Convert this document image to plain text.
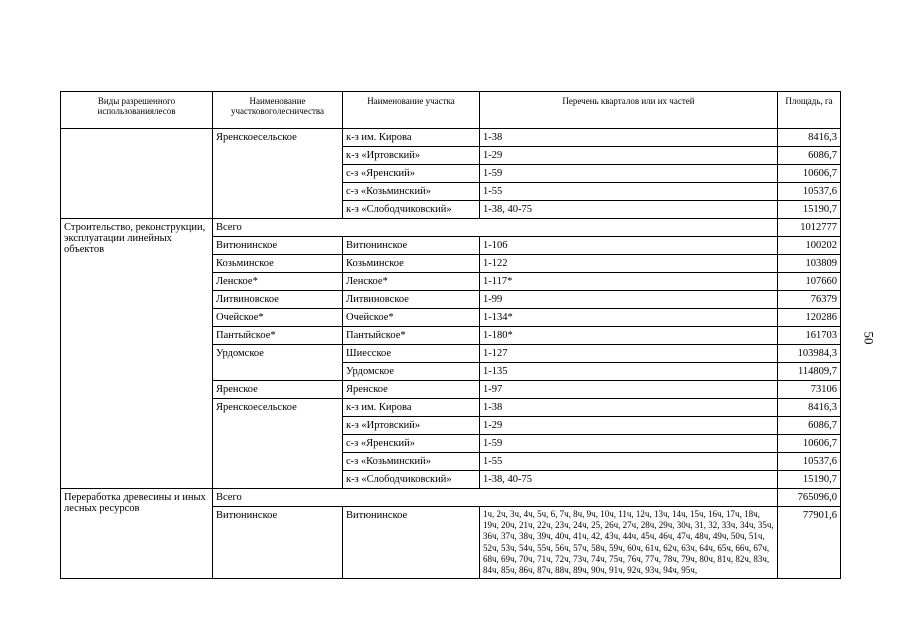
Виды разрешенного использованиялесов	Наименование участковоголесничества	Наименование участка	Перечень кварталов или их частей	Площадь, га
	Яренскоесельское	к-з им. Кирова	1-38	8416,3
		к-з «Иртовский»	1-29	6086,7
		с-з «Яренский»	1-59	10606,7
		с-з «Козьминский»	1-55	10537,6
		к-з «Слободчиковский»	1-38, 40-75	15190,7
Строительство, реконструкции, эксплуатации линейных объектов	Всего			1012777
	Витюнинское	Витюнинское	1-106	100202
	Козьминское	Козьминское	1-122	103809
	Ленское*	Ленское*	1-117*	107660
	Литвиновское	Литвиновское	1-99	76379
	Очейское*	Очейское*	1-134*	120286
	Пантыйское*	Пантыйское*	1-180*	161703
	Урдомское	Шиесское	1-127	103984,3
		Урдомское	1-135	114809,7
	Яренское	Яренское	1-97	73106
	Яренскоесельское	к-з им. Кирова	1-38	8416,3
		к-з «Иртовский»	1-29	6086,7
		с-з «Яренский»	1-59	10606,7
		с-з «Козьминский»	1-55	10537,6
		к-з «Слободчиковский»	1-38, 40-75	15190,7
Переработка древесины и иных лесных ресурсов	Всего			765096,0
	Витюнинское	Витюнинское	1ч, 2ч, 3ч, 4ч, 5ч, 6, 7ч, 8ч, 9ч, 10ч, 11ч, 12ч, 13ч, 14ч, 15ч, 16ч, 17ч, 18ч, 19ч, 20ч, 21ч, 22ч, 23ч, 24ч, 25, 26ч, 27ч, 28ч, 29ч, 30ч, 31, 32, 33ч, 34ч, 35ч, 36ч, 37ч, 38ч, 39ч, 40ч, 41ч, 42, 43ч, 44ч, 45ч, 46ч, 47ч, 48ч, 49ч, 50ч, 51ч, 52ч, 53ч, 54ч, 55ч, 56ч, 57ч, 58ч, 59ч, 60ч, 61ч, 62ч, 63ч, 64ч, 65ч, 66ч, 67ч, 68ч, 69ч, 70ч, 71ч, 72ч, 73ч, 74ч, 75ч, 76ч, 77ч, 78ч, 79ч, 80ч, 81ч, 82ч, 83ч, 84ч, 85ч, 86ч, 87ч, 88ч, 89ч, 90ч, 91ч, 92ч, 93ч, 94ч, 95ч,	77901,6
50
